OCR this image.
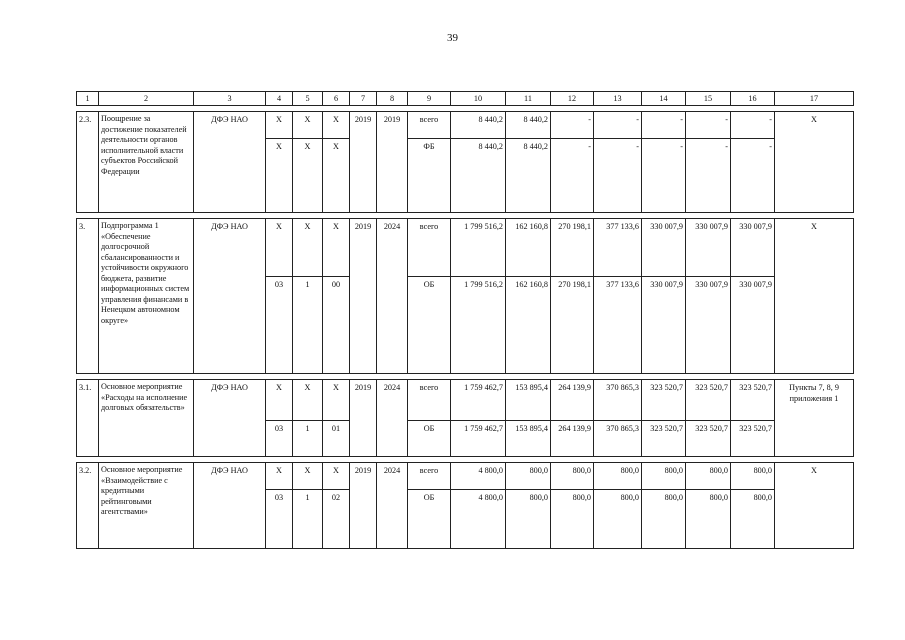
39
1	2	3	4	5	6	7	8	9	10	11	12	13	14	15	16	17

2.3.	Поощрение за достижение показателей деятельности органов исполнительной власти субъектов Российской Федерации	ДФЭ НАО	Х	Х	Х	2019	2019	всего	8 440,2	8 440,2	-	-	-	-	-	Х
			Х	Х	Х			ФБ	8 440,2	8 440,2	-	-	-	-	-	

3.	Подпрограмма 1 «Обеспечение долгосрочной сбалансированности и устойчивости окружного бюджета, развитие информационных систем управления финансами в Ненецком автономном округе»	ДФЭ НАО	Х	Х	Х	2019	2024	всего	1 799 516,2	162 160,8	270 198,1	377 133,6	330 007,9	330 007,9	330 007,9	Х
			03	1	00			ОБ	1 799 516,2	162 160,8	270 198,1	377 133,6	330 007,9	330 007,9	330 007,9	

3.1.	Основное мероприятие «Расходы на исполнение долговых обязательств»	ДФЭ НАО	Х	Х	Х	2019	2024	всего	1 759 462,7	153 895,4	264 139,9	370 865,3	323 520,7	323 520,7	323 520,7	Пункты 7, 8, 9 приложения 1
			03	1	01			ОБ	1 759 462,7	153 895,4	264 139,9	370 865,3	323 520,7	323 520,7	323 520,7	

3.2.	Основное мероприятие «Взаимодействие с кредитными рейтинговыми агентствами»	ДФЭ НАО	Х	Х	Х	2019	2024	всего	4 800,0	800,0	800,0	800,0	800,0	800,0	800,0	Х
			03	1	02			ОБ	4 800,0	800,0	800,0	800,0	800,0	800,0	800,0	
